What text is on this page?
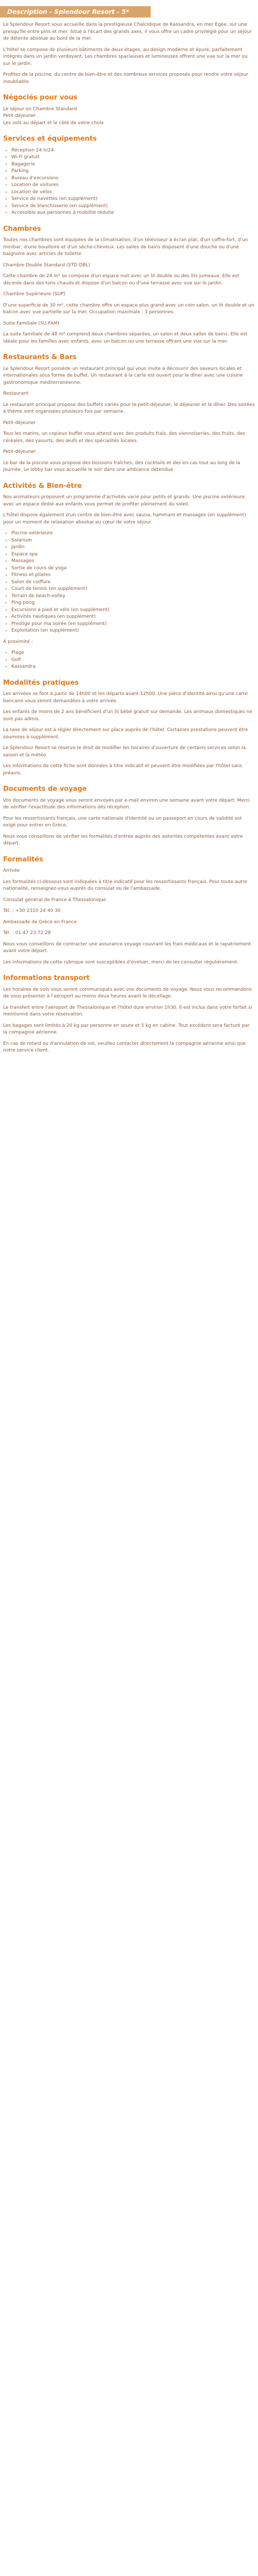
Description - Splendour Resort - 5*

Le Splendour Resort vous accueille dans la prestigieuse Chalcidique de Kassandra, en mer Egée, sur une presqu'île entre pins et mer. Situé à l'écart des grands axes, il vous offre un cadre privilégié pour un séjour de détente absolue au bord de la mer.

L'hôtel se compose de plusieurs bâtiments de deux étages, au design moderne et épuré, parfaitement intégrés dans un jardin verdoyant. Les chambres spacieuses et lumineuses offrent une vue sur la mer ou sur le jardin.

Profitez de la piscine, du centre de bien-être et des nombreux services proposés pour rendre votre séjour inoubliable.

Négociés pour vous

Le séjour en Chambre Standard

Petit-déjeuner

Les vols au départ et le côté de votre choix

Services et équipements
• Réception 24 h/24
• Wi-Fi gratuit
• Bagagerie
• Parking
• Bureau d'excursions
• Location de voitures
• Location de vélos
• Service de navettes (en supplément)
• Service de blanchisserie (en supplément)
• Accessible aux personnes à mobilité réduite
Chambres

Toutes nos chambres sont équipées de la climatisation, d'un téléviseur à écran plat, d'un coffre-fort, d'un minibar, d'une bouilloire et d'un sèche-cheveux. Les salles de bains disposent d'une douche ou d'une baignoire avec articles de toilette.

Chambre Double Standard (STD DBL)

Cette chambre de 24 m² se compose d'un espace nuit avec un lit double ou des lits jumeaux. Elle est décorée dans des tons chauds et dispose d'un balcon ou d'une terrasse avec vue sur le jardin.

Chambre Supérieure (SUP)

D'une superficie de 30 m², cette chambre offre un espace plus grand avec un coin salon, un lit double et un balcon avec vue partielle sur la mer. Occupation maximale : 3 personnes.

Suite Familiale (SU FAM)

La suite familiale de 48 m² comprend deux chambres séparées, un salon et deux salles de bains. Elle est idéale pour les familles avec enfants, avec un balcon ou une terrasse offrant une vue sur la mer.

Restaurants & Bars

Le Splendour Resort possède un restaurant principal qui vous invite à découvrir des saveurs locales et internationales sous forme de buffet. Un restaurant à la carte est ouvert pour le dîner avec une cuisine gastronomique méditerranéenne.

Restaurant

Le restaurant principal propose des buffets variés pour le petit-déjeuner, le déjeuner et le dîner. Des soirées à thème sont organisées plusieurs fois par semaine.

Petit-déjeuner

Tous les matins, un copieux buffet vous attend avec des produits frais, des viennoiseries, des fruits, des céréales, des yaourts, des œufs et des spécialités locales.

Petit-déjeuner

Le bar de la piscine vous propose des boissons fraîches, des cocktails et des en-cas tout au long de la journée. Le lobby bar vous accueille le soir dans une ambiance détendue.

Activités & Bien-être

Nos animateurs proposent un programme d'activités varié pour petits et grands. Une piscine extérieure avec un espace dédié aux enfants vous permet de profiter pleinement du soleil.

L'hôtel dispose également d'un centre de bien-être avec sauna, hammam et massages (en supplément) pour un moment de relaxation absolue au cœur de votre séjour.

• Piscine extérieure
• Solarium
• Jardin
• Espace spa
• Massages
• Sortie de cours de yoga
• Fitness et pilates
• Salon de coiffure
• Court de tennis (en supplément)
• Terrain de beach-volley
• Ping-pong
• Excursions à pied et vélo (en supplément)
• Activités nautiques (en supplément)
• Prestige pour ma soirée (en supplément)
• Exploitation (en supplément)

À proximité :

• Plage
• Golf
• Kassandra
Modalités pratiques

Les arrivées se font à partir de 14h00 et les départs avant 12h00. Une pièce d'identité ainsi qu'une carte bancaire vous seront demandées à votre arrivée.

Les enfants de moins de 2 ans bénéficient d'un lit bébé gratuit sur demande. Les animaux domestiques ne sont pas admis.

La taxe de séjour est à régler directement sur place auprès de l'hôtel. Certaines prestations peuvent être soumises à supplément.

Le Splendour Resort se réserve le droit de modifier les horaires d'ouverture de certains services selon la saison et la météo.

Les informations de cette fiche sont données à titre indicatif et peuvent être modifiées par l'hôtel sans préavis.

Documents de voyage

Vos documents de voyage vous seront envoyés par e-mail environ une semaine avant votre départ. Merci de vérifier l'exactitude des informations dès réception.

Pour les ressortissants français, une carte nationale d'identité ou un passeport en cours de validité est exigé pour entrer en Grèce.

Nous vous conseillons de vérifier les formalités d'entrée auprès des autorités compétentes avant votre départ.

Formalités

Arrivée

Les formalités ci-dessous sont indiquées à titre indicatif pour les ressortissants français. Pour toute autre nationalité, renseignez-vous auprès du consulat ou de l'ambassade.

Consulat général de France à Thessalonique

Tél. : +30 2310 24 40 30

Ambassade de Grèce en France

Tél. : 01 47 23 72 28

Nous vous conseillons de contracter une assurance voyage couvrant les frais médicaux et le rapatriement avant votre départ.

Les informations de cette rubrique sont susceptibles d'évoluer, merci de les consulter régulièrement.

Informations transport

Les horaires de vols vous seront communiqués avec vos documents de voyage. Nous vous recommandons de vous présenter à l'aéroport au moins deux heures avant le décollage.

Le transfert entre l'aéroport de Thessalonique et l'hôtel dure environ 1h30. Il est inclus dans votre forfait si mentionné dans votre réservation.

Les bagages sont limités à 20 kg par personne en soute et 5 kg en cabine. Tout excédent sera facturé par la compagnie aérienne.

En cas de retard ou d'annulation de vol, veuillez contacter directement la compagnie aérienne ainsi que notre service client.
